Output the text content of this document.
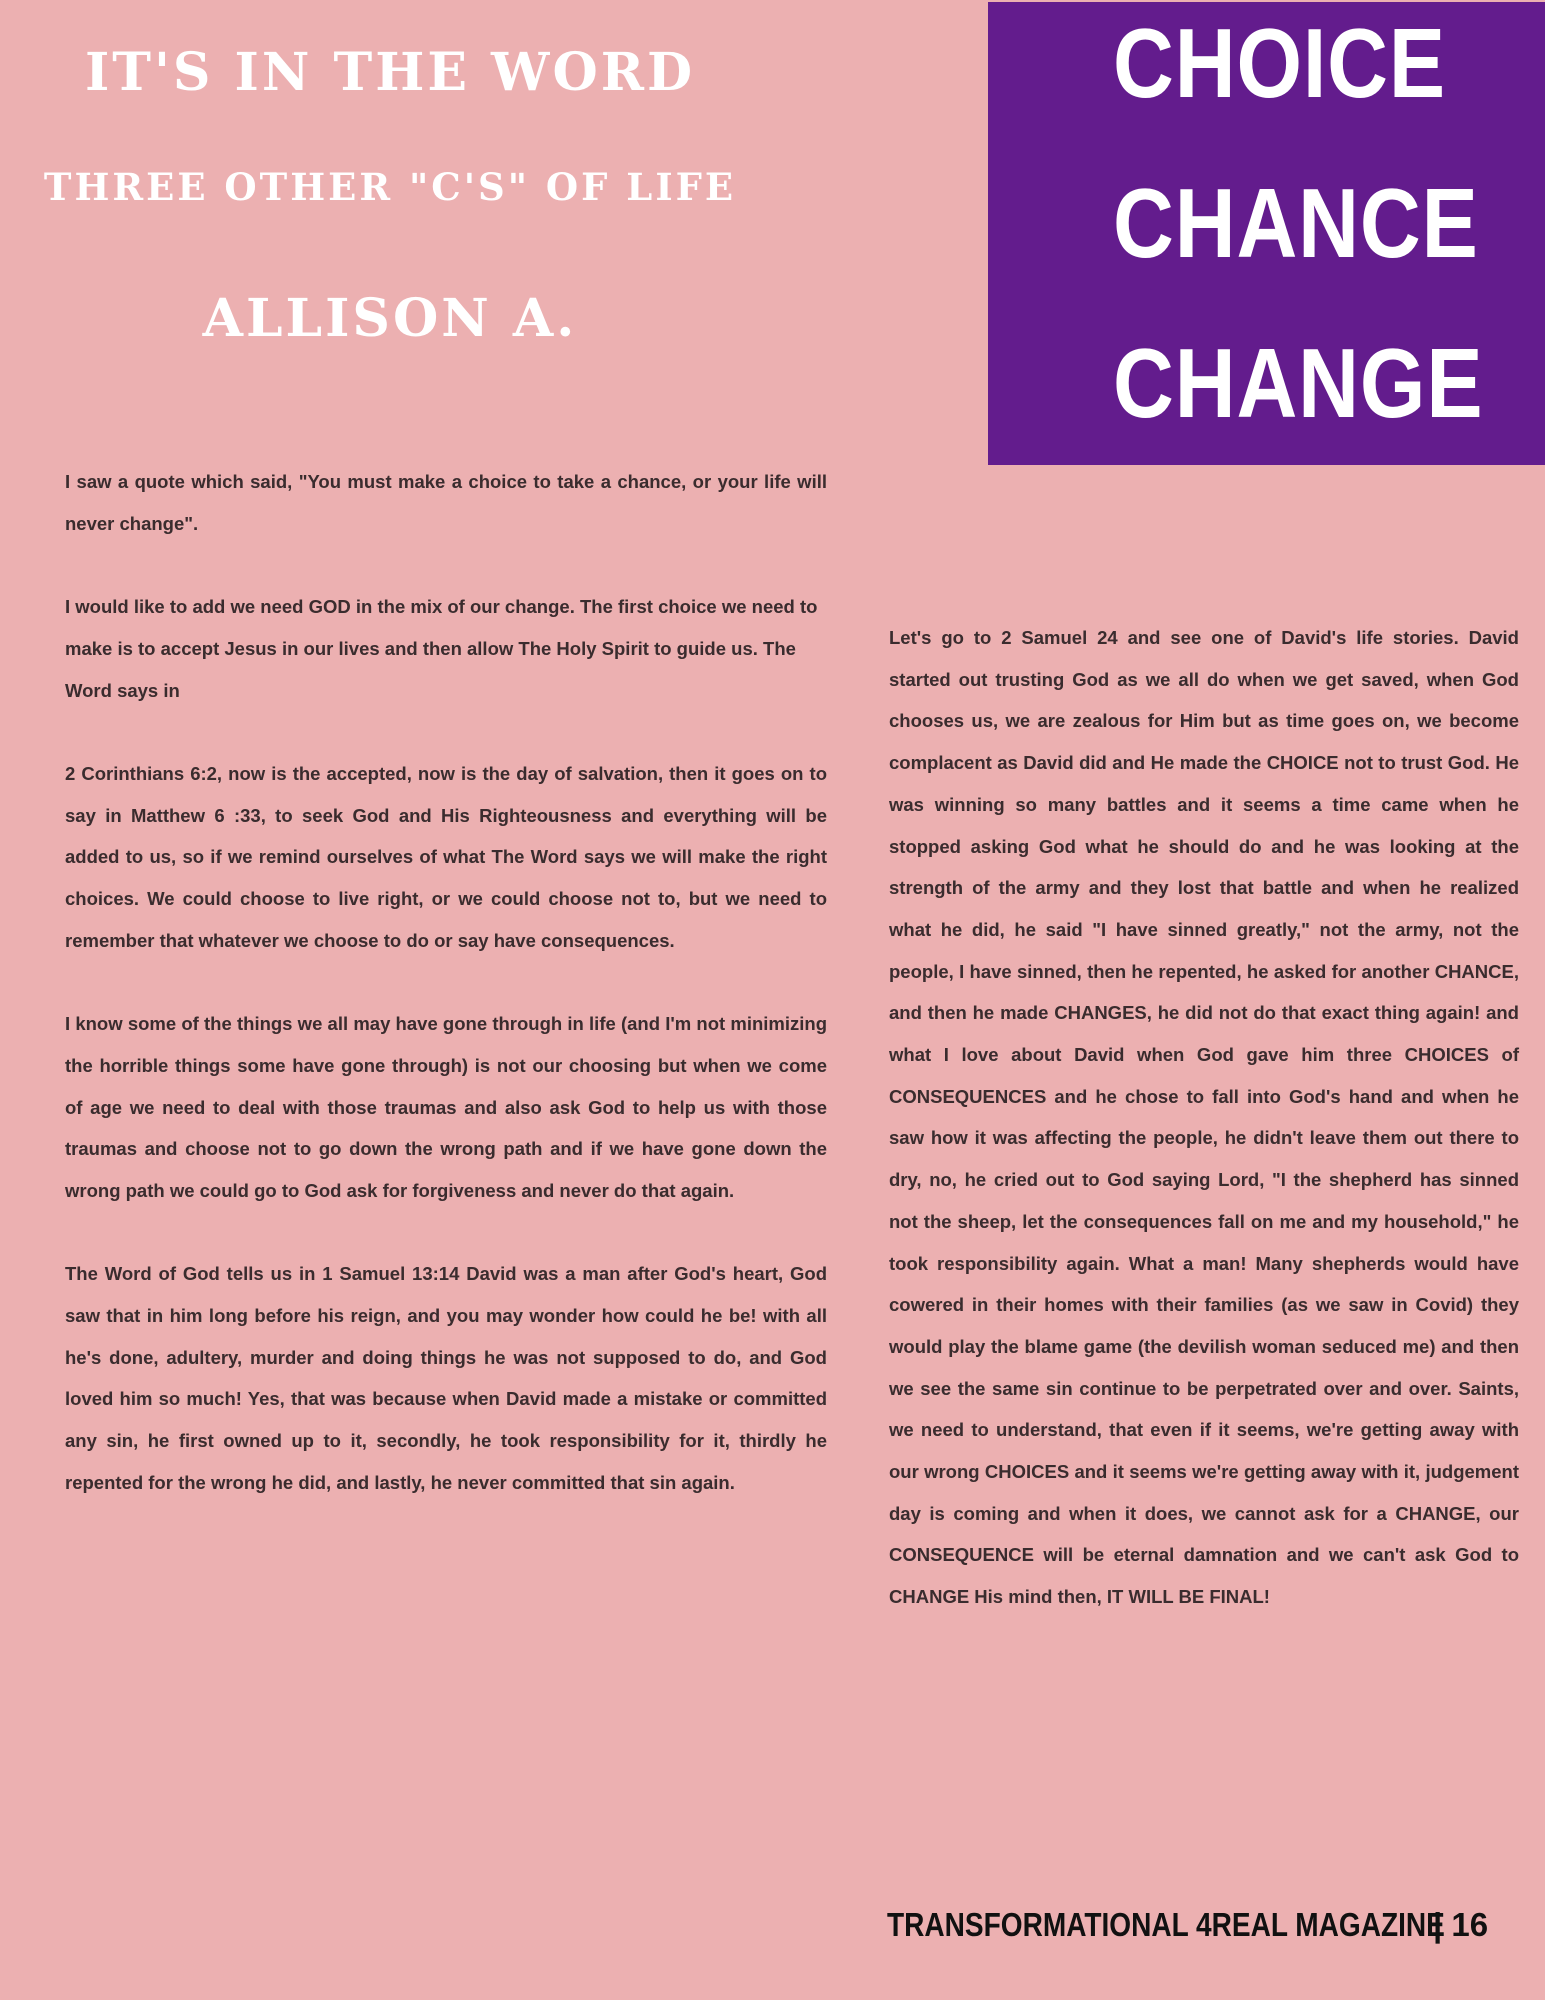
IT'S IN THE WORD
THREE OTHER "C'S" OF LIFE
ALLISON A.
CHOICE
CHANCE
CHANGE

I saw a quote which said, "You must make a choice to take a chance, or your life will never change".

I would like to add we need GOD in the mix of our change. The first choice we need to make is to accept Jesus in our lives and then allow The Holy Spirit to guide us. The Word says in

2 Corinthians 6:2, now is the accepted, now is the day of salvation, then it goes on to say in Matthew 6 :33, to seek God and His Righteousness and everything will be added to us, so if we remind ourselves of what The Word says we will make the right choices. We could choose to live right, or we could choose not to, but we need to remember that whatever we choose to do or say have consequences.

I know some of the things we all may have gone through in life (and I'm not minimizing the horrible things some have gone through) is not our choosing but when we come of age we need to deal with those traumas and also ask God to help us with those traumas and choose not to go down the wrong path and if we have gone down the wrong path we could go to God ask for forgiveness and never do that again.

The Word of God tells us in 1 Samuel 13:14 David was a man after God's heart, God saw that in him long before his reign, and you may wonder how could he be! with all he's done, adultery, murder and doing things he was not supposed to do, and God loved him so much! Yes, that was because when David made a mistake or committed any sin, he first owned up to it, secondly, he took responsibility for it, thirdly he repented for the wrong he did, and lastly, he never committed that sin again.

Let's go to 2 Samuel 24 and see one of David's life stories. David started out trusting God as we all do when we get saved, when God chooses us, we are zealous for Him but as time goes on, we become complacent as David did and He made the CHOICE not to trust God. He was winning so many battles and it seems a time came when he stopped asking God what he should do and he was looking at the strength of the army and they lost that battle and when he realized what he did, he said "I have sinned greatly," not the army, not the people, I have sinned, then he repented, he asked for another CHANCE, and then he made CHANGES, he did not do that exact thing again! and what I love about David when God gave him three CHOICES of CONSEQUENCES and he chose to fall into God's hand and when he saw how it was affecting the people, he didn't leave them out there to dry, no, he cried out to God saying Lord, "I the shepherd has sinned not the sheep, let the consequences fall on me and my household," he took responsibility again. What a man! Many shepherds would have cowered in their homes with their families (as we saw in Covid) they would play the blame game (the devilish woman seduced me) and then we see the same sin continue to be perpetrated over and over. Saints, we need to understand, that even if it seems, we're getting away with our wrong CHOICES and it seems we're getting away with it, judgement day is coming and when it does, we cannot ask for a CHANGE, our CONSEQUENCE will be eternal damnation and we can't ask God to CHANGE His mind then, IT WILL BE FINAL!

TRANSFORMATIONAL 4REAL MAGAZINE
| 16
